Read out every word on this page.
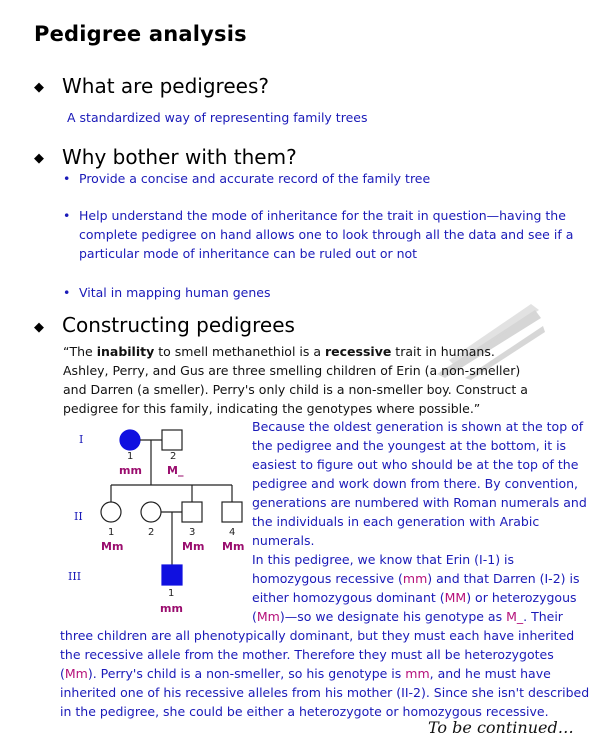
Pedigree analysis
◆ What are pedigrees?
A standardized way of representing family trees
◆ Why bother with them?
• Provide a concise and accurate record of the family tree
• Help understand the mode of inheritance for the trait in question—having the complete pedigree on hand allows one to look through all the data and see if a particular mode of inheritance can be ruled out or not
• Vital in mapping human genes
◆ Constructing pedigrees
“The inability to smell methanethiol is a recessive trait in humans. Ashley, Perry, and Gus are three smelling children of Erin (a non-smeller) and Darren (a smeller). Perry's only child is a non-smeller boy. Construct a pedigree for this family, indicating the genotypes where possible.”
I
II
III
1	2
1	2	3	4
1
mm M_
Mm	Mm Mm
mm
Because the oldest generation is shown at the top of the pedigree and the youngest at the bottom, it is easiest to figure out who should be at the top of the pedigree and work down from there. By convention, generations are numbered with Roman numerals and the individuals in each generation with Arabic numerals.
In this pedigree, we know that Erin (I-1) is homozygous recessive (mm) and that Darren (I-2) is either homozygous dominant (MM) or heterozygous (Mm)—so we designate his genotype as M_. Their three children are all phenotypically dominant, but they must each have inherited the recessive allele from the mother. Therefore they must all be heterozygotes (Mm). Perry's child is a non-smeller, so his genotype is mm, and he must have inherited one of his recessive alleles from his mother (II-2). Since she isn't described in the pedigree, she could be either a heterozygote or homozygous recessive.
To be continued…
